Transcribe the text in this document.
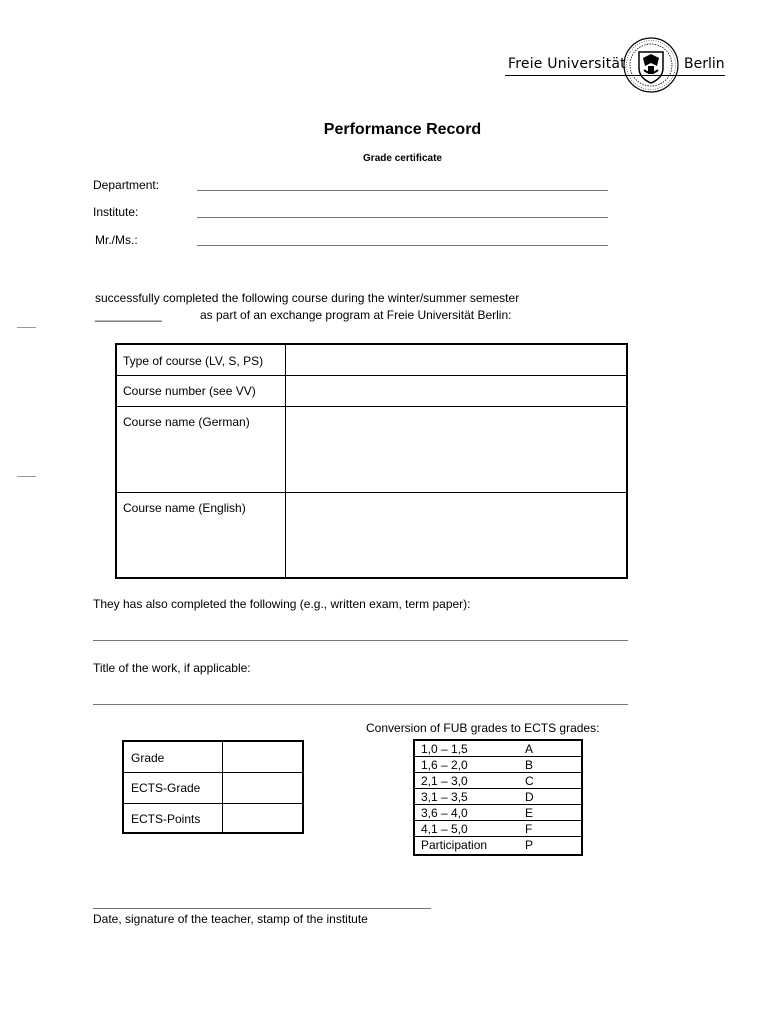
Freie Universität	Berlin
Performance Record
Grade certificate
Department:
Institute:
Mr./Ms.:
successfully completed the following course during the winter/summer semester
__________	as part of an exchange program at Freie Universität Berlin:
Type of course (LV, S, PS)
Course number (see VV)
Course name (German)
Course name (English)
They has also completed the following (e.g., written exam, term paper):
Title of the work, if applicable:
Conversion of FUB grades to ECTS grades:
Grade
ECTS-Grade
ECTS-Points
1,0 – 1,5	A
1,6 – 2,0	B
2,1 – 3,0	C
3,1 – 3,5	D
3,6 – 4,0	E
4,1 – 5,0	F
Participation	P
Date, signature of the teacher, stamp of the institute
